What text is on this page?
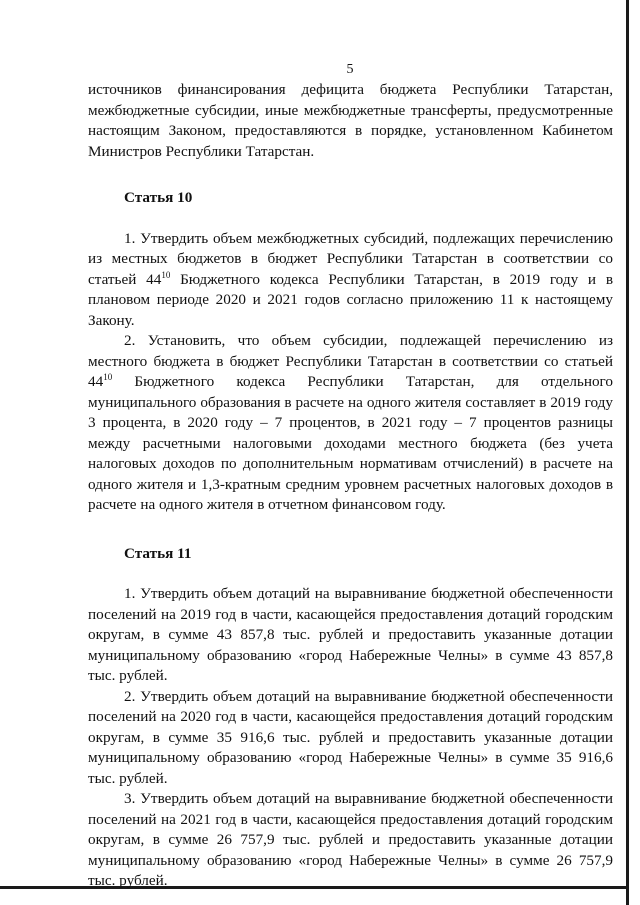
5

источников финансирования дефицита бюджета Республики Татарстан, межбюджетные субсидии, иные межбюджетные трансферты, предусмотренные настоящим Законом, предоставляются в порядке, установленном Кабинетом Министров Республики Татарстан.

Статья 10

1. Утвердить объем межбюджетных субсидий, подлежащих перечислению из местных бюджетов в бюджет Республики Татарстан в соответствии со статьей $44^{10}$ Бюджетного кодекса Республики Татарстан, в 2019 году и в плановом периоде 2020 и 2021 годов согласно приложению 11 к настоящему Закону.

2. Установить, что объем субсидии, подлежащей перечислению из местного бюджета в бюджет Республики Татарстан в соответствии со статьей $44^{10}$ Бюджетного кодекса Республики Татарстан, для отдельного муниципального образования в расчете на одного жителя составляет в 2019 году 3 процента, в 2020 году – 7 процентов, в 2021 году – 7 процентов разницы между расчетными налоговыми доходами местного бюджета (без учета налоговых доходов по дополнительным нормативам отчислений) в расчете на одного жителя и 1,3-кратным средним уровнем расчетных налоговых доходов в расчете на одного жителя в отчетном финансовом году.

Статья 11

1. Утвердить объем дотаций на выравнивание бюджетной обеспеченности поселений на 2019 год в части, касающейся предоставления дотаций городским округам, в сумме 43 857,8 тыс. рублей и предоставить указанные дотации муниципальному образованию «город Набережные Челны» в сумме 43 857,8 тыс. рублей.

2. Утвердить объем дотаций на выравнивание бюджетной обеспеченности поселений на 2020 год в части, касающейся предоставления дотаций городским округам, в сумме 35 916,6 тыс. рублей и предоставить указанные дотации муниципальному образованию «город Набережные Челны» в сумме 35 916,6 тыс. рублей.

3. Утвердить объем дотаций на выравнивание бюджетной обеспеченности поселений на 2021 год в части, касающейся предоставления дотаций городским округам, в сумме 26 757,9 тыс. рублей и предоставить указанные дотации муниципальному образованию «город Набережные Челны» в сумме 26 757,9 тыс. рублей.
